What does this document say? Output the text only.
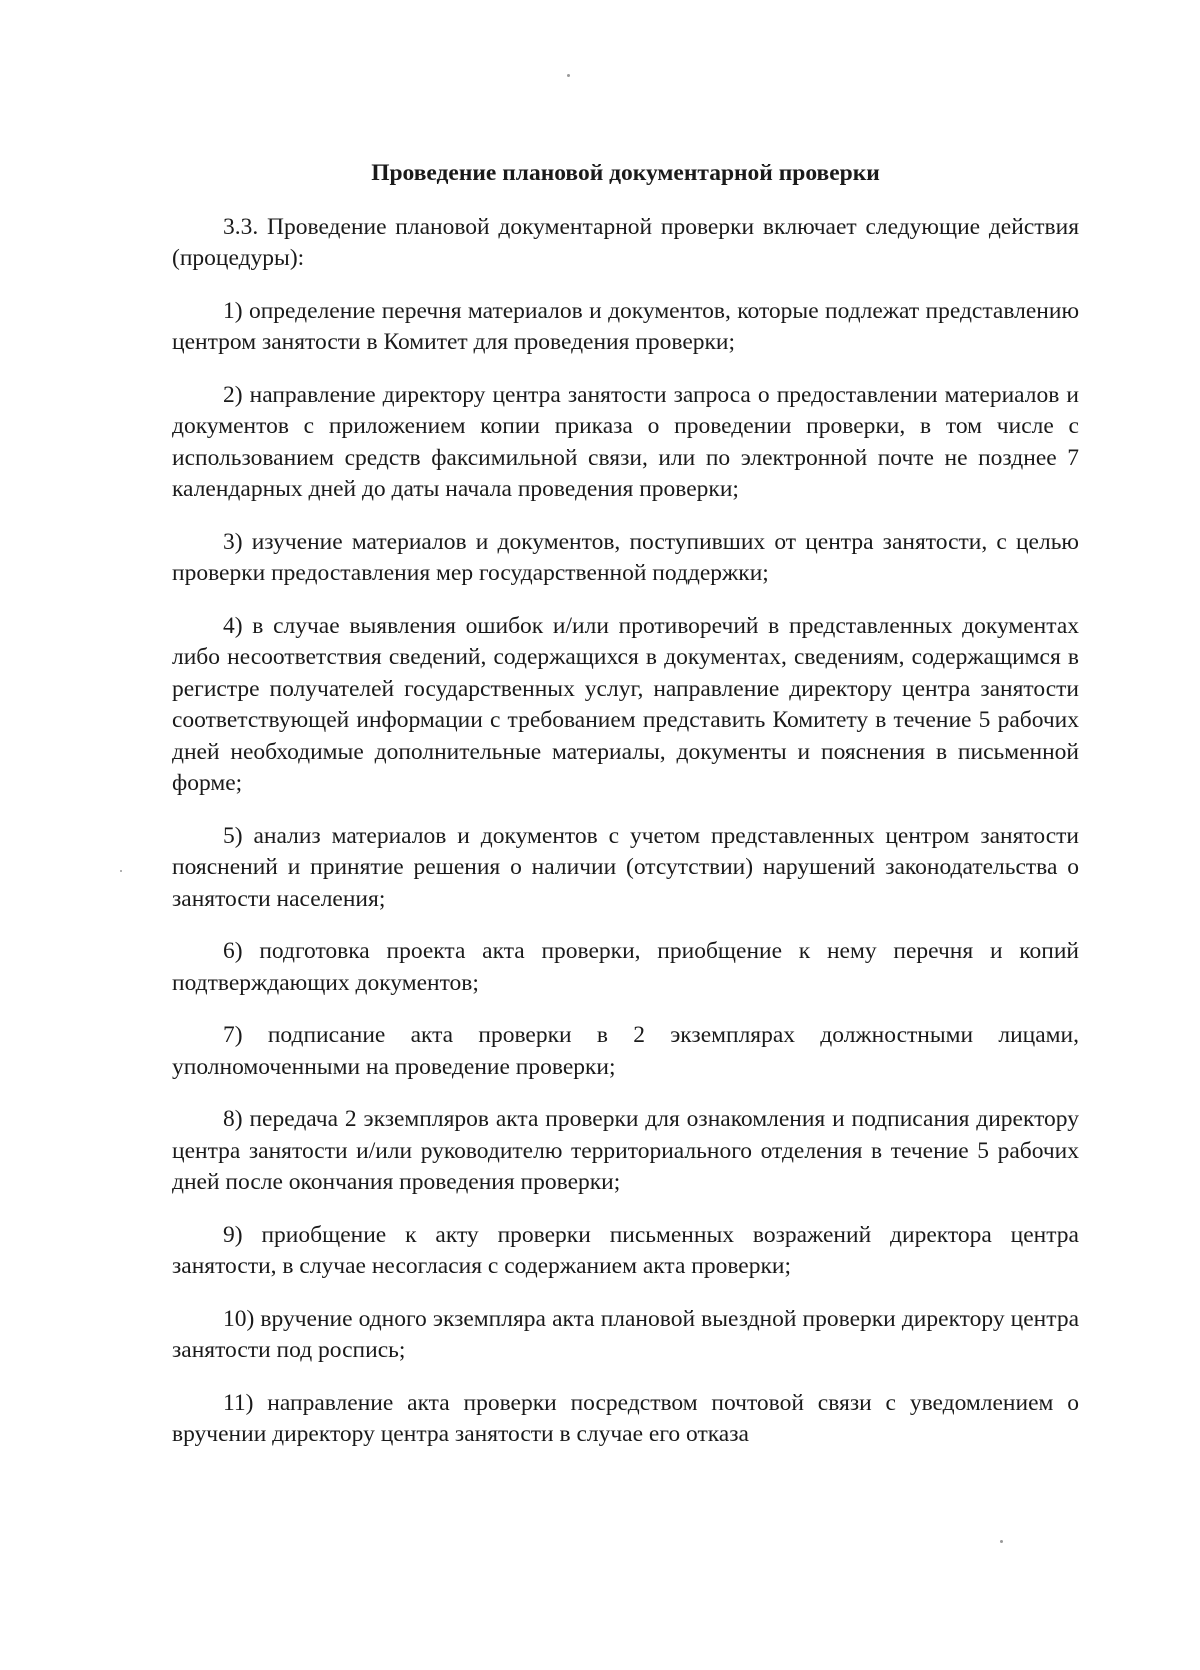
Проведение плановой документарной проверки

3.3. Проведение плановой документарной проверки включает следующие действия (процедуры):

1) определение перечня материалов и документов, которые подлежат представлению центром занятости в Комитет для проведения проверки;

2) направление директору центра занятости запроса о предоставлении материалов и документов с приложением копии приказа о проведении проверки, в том числе с использованием средств факсимильной связи, или по электронной почте не позднее 7 календарных дней до даты начала проведения проверки;

3) изучение материалов и документов, поступивших от центра занятости, с целью проверки предоставления мер государственной поддержки;

4) в случае выявления ошибок и/или противоречий в представленных документах либо несоответствия сведений, содержащихся в документах, сведениям, содержащимся в регистре получателей государственных услуг, направление директору центра занятости соответствующей информации с требованием представить Комитету в течение 5 рабочих дней необходимые дополнительные материалы, документы и пояснения в письменной форме;

5) анализ материалов и документов с учетом представленных центром занятости пояснений и принятие решения о наличии (отсутствии) нарушений законодательства о занятости населения;

6) подготовка проекта акта проверки, приобщение к нему перечня и копий подтверждающих документов;

7) подписание акта проверки в 2 экземплярах должностными лицами, уполномоченными на проведение проверки;

8) передача 2 экземпляров акта проверки для ознакомления и подписания директору центра занятости и/или руководителю территориального отделения в течение 5 рабочих дней после окончания проведения проверки;

9) приобщение к акту проверки письменных возражений директора центра занятости, в случае несогласия с содержанием акта проверки;

10) вручение одного экземпляра акта плановой выездной проверки директору центра занятости под роспись;

11) направление акта проверки посредством почтовой связи с уведомлением о вручении директору центра занятости в случае его отказа
